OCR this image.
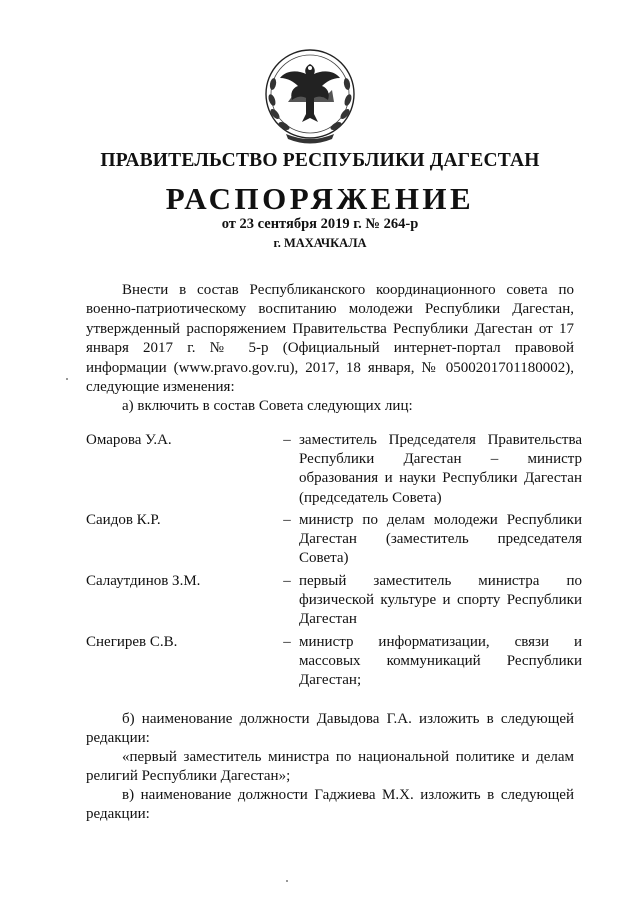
ПРАВИТЕЛЬСТВО РЕСПУБЛИКИ ДАГЕСТАН
РАСПОРЯЖЕНИЕ
от 23 сентября 2019 г. № 264-р
г. МАХАЧКАЛА
Внести в состав Республиканского координационного совета по военно-патриотическому воспитанию молодежи Республики Дагестан, утвержденный распоряжением Правительства Республики Дагестан от 17 января 2017 г. № 5-р (Официальный интернет-портал правовой информации (www.pravo.gov.ru), 2017, 18 января, № 0500201701180002), следующие изменения:
а) включить в состав Совета следующих лиц:
Омарова У.А.	– заместитель Председателя Правительства Республики Дагестан – министр образования и науки Республики Дагестан (председатель Совета)
Саидов К.Р.	– министр по делам молодежи Республики Дагестан (заместитель председателя Совета)
Салаутдинов З.М.	– первый заместитель министра по физической культуре и спорту Республики Дагестан
Снегирев С.В.	– министр информатизации, связи и массовых коммуникаций Республики Дагестан;
б) наименование должности Давыдова Г.А. изложить в следующей редакции:
«первый заместитель министра по национальной политике и делам религий Республики Дагестан»;
в) наименование должности Гаджиева М.Х. изложить в следующей редакции:
